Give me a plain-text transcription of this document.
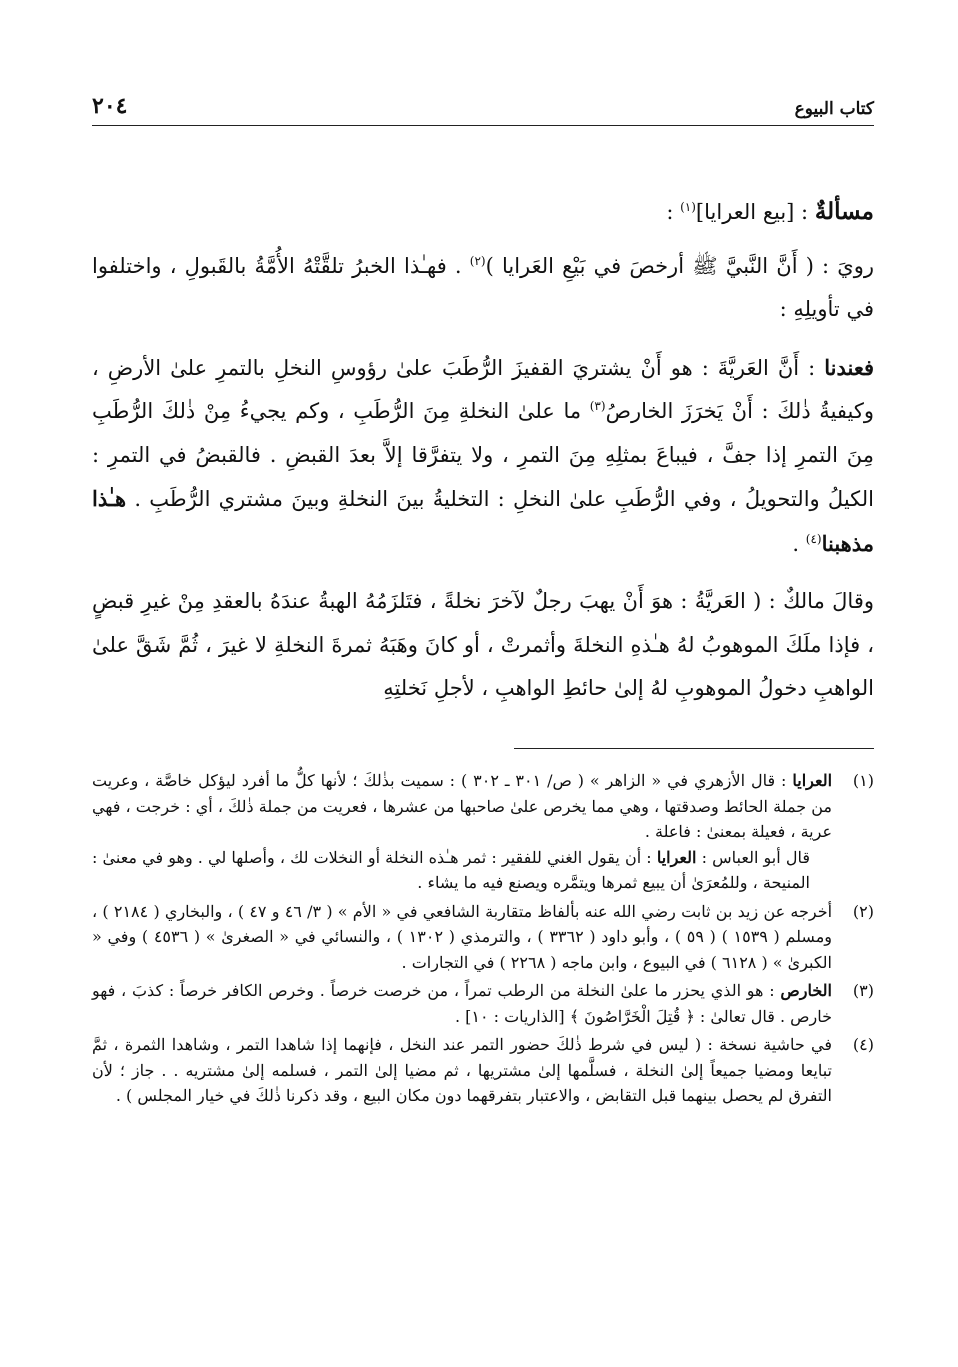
كتاب البيوع
٢٠٤

مسألةٌ : [بيع العرايا]$^{(١)}$ :

رويَ : ( أَنَّ النَّبيَّ ﷺ أرخصَ في بَيْعِ العَرايا )$^{(٢)}$ . فهـٰذا الخبرُ تلقَّتْهُ الأُمَّةُ بالقَبولِ ، واختلفوا في تأويلِهِ :

فعندنا : أَنَّ العَريَّةَ : هو أَنْ يشتريَ القفيزَ الرُّطَبَ علىٰ رؤوسِ النخلِ بالتمرِ علىٰ الأرضِ ، وكيفيةُ ذٰلكَ : أَنْ يَخرَزَ الخارصُ$^{(٣)}$ ما علىٰ النخلةِ مِنَ الرُّطَبِ ، وكم يجيءُ مِنْ ذٰلكَ الرُّطَبِ مِنَ التمرِ إذا جفَّ ، فيباعَ بمثلِهِ مِنَ التمرِ ، ولا يتفرَّقا إلاَّ بعدَ القبضِ . فالقبضُ في التمرِ : الكيلُ والتحويلُ ، وفي الرُّطَبِ علىٰ النخلِ : التخليةُ بينَ النخلةِ وبينَ مشتري الرُّطَبِ . هـٰذا مذهبنا$^{(٤)}$ .

وقالَ مالكٌ : ( العَريَّةُ : هوَ أَنْ يهبَ رجلٌ لآخرَ نخلةً ، فتَلزَمُهُ الهبةُ عندَهُ بالعقدِ مِنْ غيرِ قبضٍ ، فإذا ملَكَ الموهوبُ لهُ هـٰذهِ النخلةَ وأثمرتْ ، أو كانَ وهَبَهُ ثمرةَ النخلةِ لا غيرَ ، ثُمَّ شَقَّ علىٰ الواهبِ دخولُ الموهوبِ لهُ إلىٰ حائطِ الواهبِ ، لأجلِ نَخلتِهِ

(١)
العرايا : قال الأزهري في « الزاهر » ( ص/ ٣٠١ ـ ٣٠٢ ) : سميت بذٰلكَ ؛ لأنها كلُّ ما أفرد ليؤكل خاصَّة ، وعريت من جملة الحائط وصدقتها ، وهي مما يخرص علىٰ صاحبها من عشرها ، فعريت من جملة ذٰلكَ ، أي : خرجت ، فهي عرية ، فعيلة بمعنىٰ : فاعلة .
قال أبو العباس : العرايا : أن يقول الغني للفقير : ثمر هـٰذه النخلة أو النخلات لك ، وأصلها لي . وهو في معنىٰ : المنيحة ، وللمُعرَىٰ أن يبيع ثمرها ويتمَّره ويصنع فيه ما يشاء .
(٢)
أخرجه عن زيد بن ثابت رضي الله عنه بألفاظ متقاربة الشافعي في « الأم » ( ٣/ ٤٦ و ٤٧ ) ، والبخاري ( ٢١٨٤ ) ، ومسلم ( ١٥٣٩ ) ( ٥٩ ) ، وأبو داود ( ٣٣٦٢ ) ، والترمذي ( ١٣٠٢ ) ، والنسائي في « الصغرىٰ » ( ٤٥٣٦ ) وفي « الكبرىٰ » ( ٦١٢٨ ) في البيوع ، وابن ماجه ( ٢٢٦٨ ) في التجارات .
(٣)
الخارص : هو الذي يحزر ما علىٰ النخلة من الرطب تمراً ، من خرصت خرصاً . وخرص الكافر خرصاً : كذبَ ، فهو خارص . قال تعالىٰ : ﴿ قُتِلَ الْخَرَّاصُونَ ﴾ [الذاريات : ١٠] .
(٤)
في حاشية نسخة : ( ليس في شرط ذٰلكَ حضور التمر عند النخل ، فإنهما إذا شاهدا التمر ، وشاهدا الثمرة ، ثمَّ تبايعا ومضيا جميعاً إلىٰ النخلة ، فسلَّمها إلىٰ مشتريها ، ثم مضيا إلىٰ التمر ، فسلمه إلىٰ مشتريه . . جاز ؛ لأن التفرق لم يحصل بينهما قبل التقابض ، والاعتبار بتفرقهما دون مكان البيع ، وقد ذكرنا ذٰلكَ في خيار المجلس ) .
